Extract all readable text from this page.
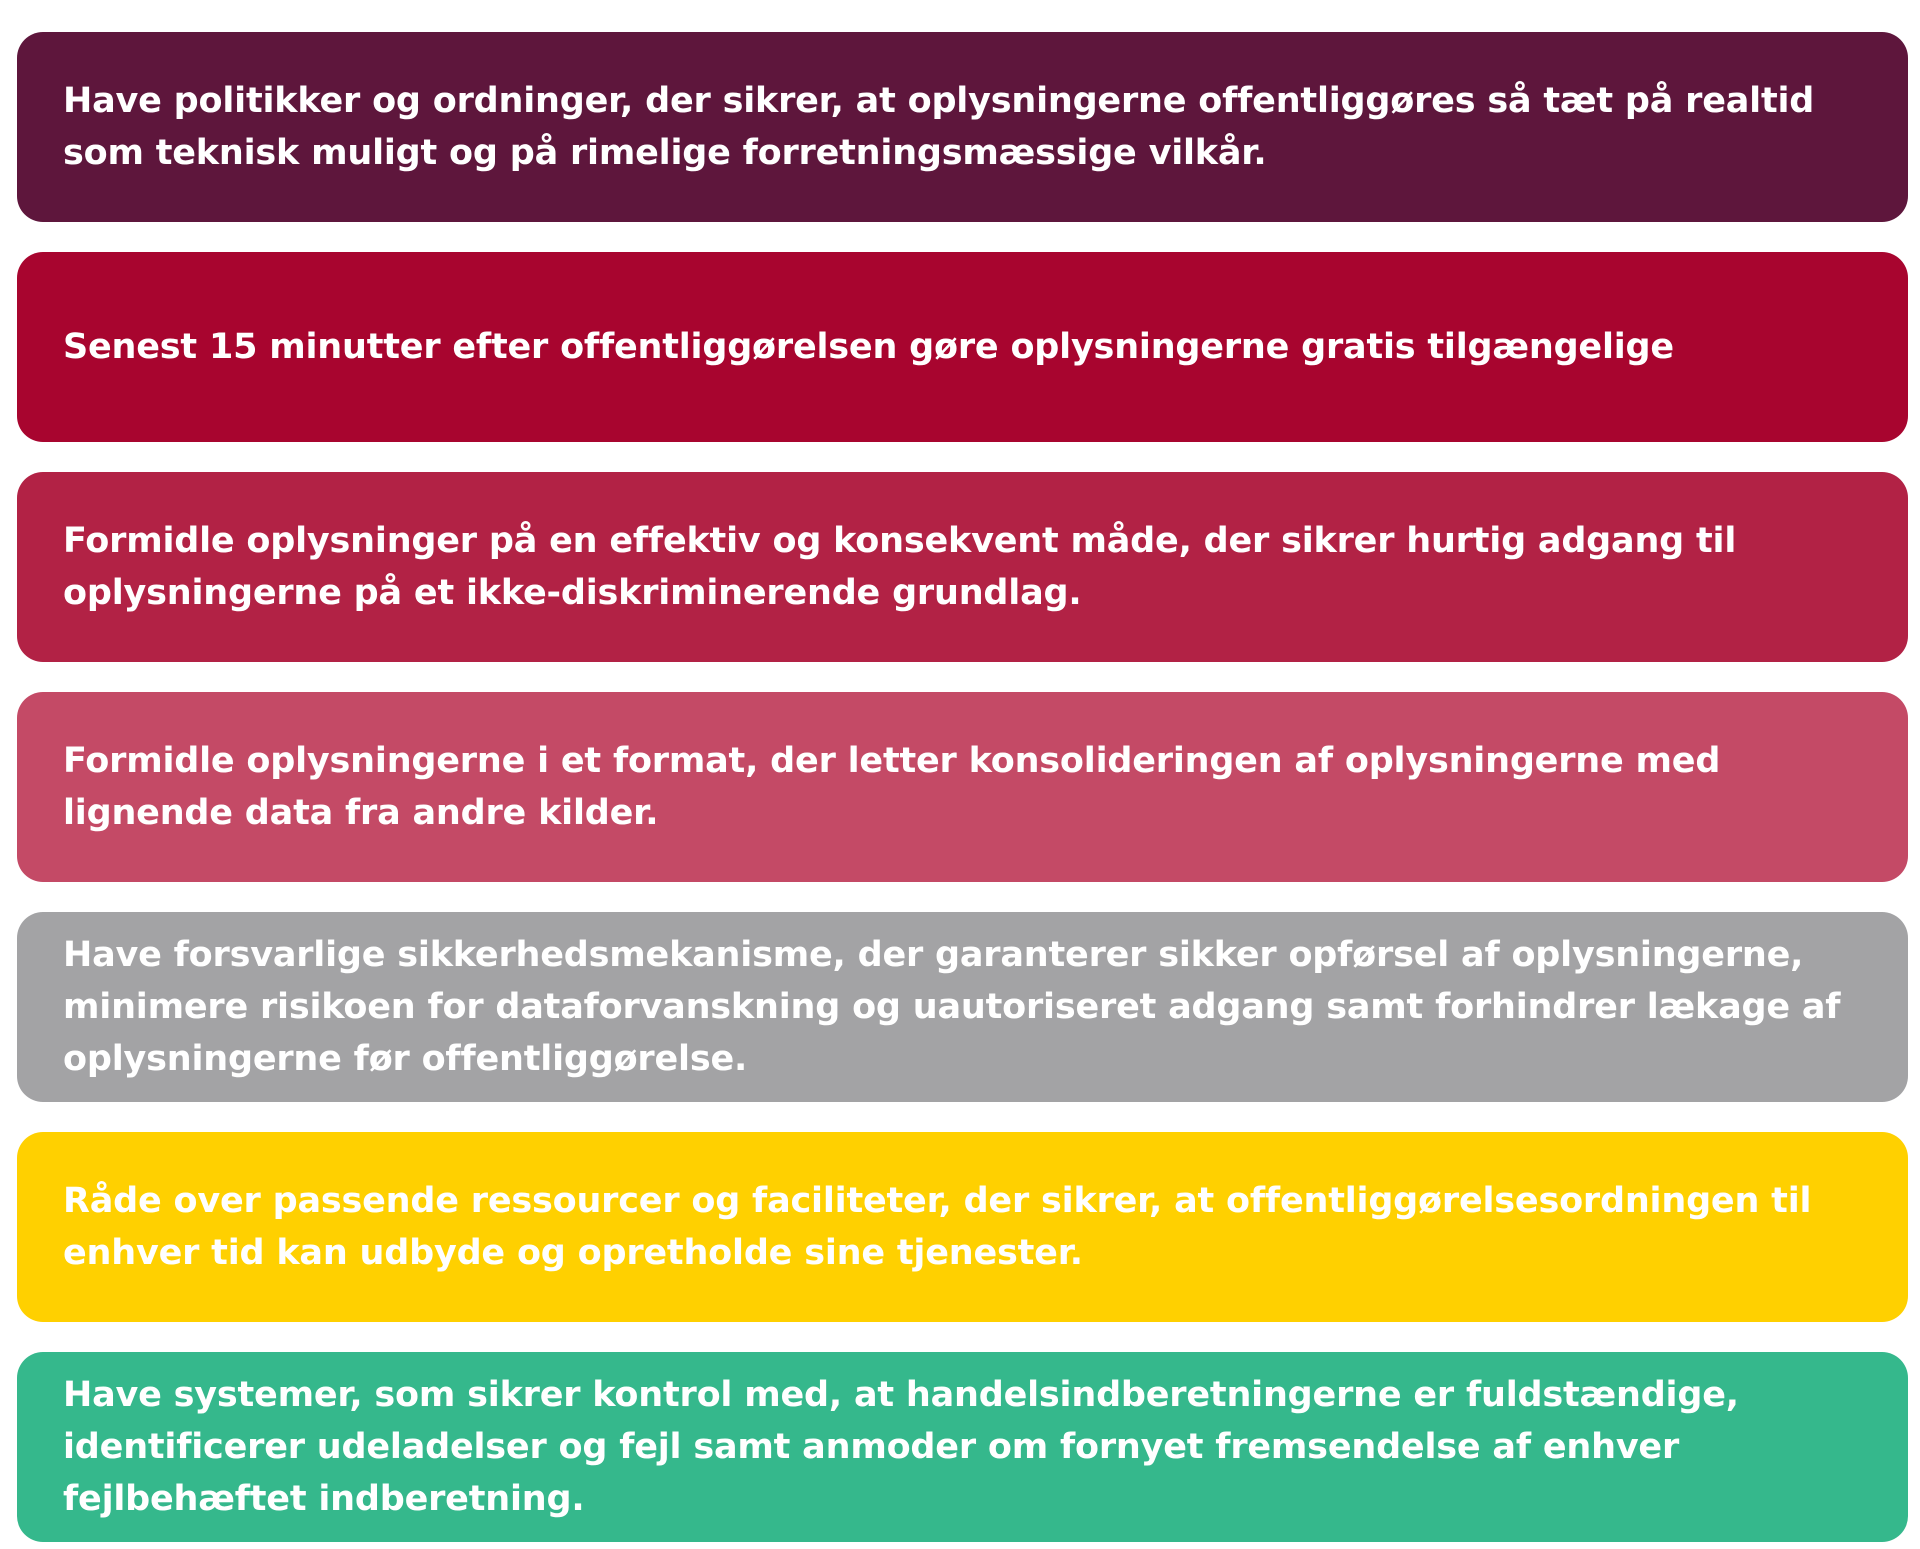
Have politikker og ordninger, der sikrer, at oplysningerne offentliggøres så tæt på realtid som teknisk muligt og på rimelige forretningsmæssige vilkår.
Senest 15 minutter efter offentliggørelsen gøre oplysningerne gratis tilgængelige
Formidle oplysninger på en effektiv og konsekvent måde, der sikrer hurtig adgang til oplysningerne på et ikke-diskriminerende grundlag.
Formidle oplysningerne i et format, der letter konsolideringen af oplysningerne med lignende data fra andre kilder.
Have forsvarlige sikkerhedsmekanisme, der garanterer sikker opførsel af oplysningerne, minimere risikoen for dataforvanskning og uautoriseret adgang samt forhindrer lækage af oplysningerne før offentliggørelse.
Råde over passende ressourcer og faciliteter, der sikrer, at offentliggørelsesordningen til enhver tid kan udbyde og opretholde sine tjenester.
Have systemer, som sikrer kontrol med, at handelsindberetningerne er fuldstændige, identificerer udeladelser og fejl samt anmoder om fornyet fremsendelse af enhver fejlbehæftet indberetning.
